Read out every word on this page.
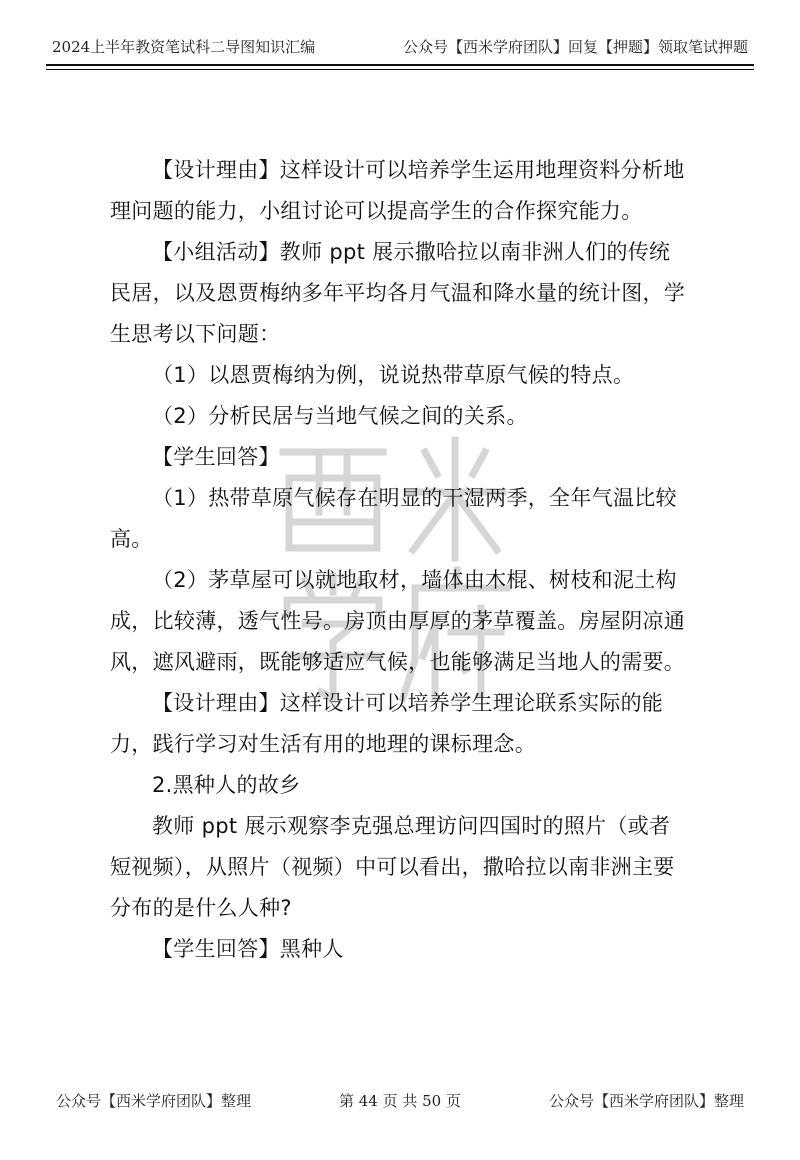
2024上半年教资笔试科二导图知识汇编	公众号【西米学府团队】回复【押题】领取笔试押题

【设计理由】这样设计可以培养学生运用地理资料分析地理问题的能力，小组讨论可以提高学生的合作探究能力。

【小组活动】教师 ppt 展示撒哈拉以南非洲人们的传统民居，以及恩贾梅纳多年平均各月气温和降水量的统计图，学生思考以下问题：

（1）以恩贾梅纳为例，说说热带草原气候的特点。

（2）分析民居与当地气候之间的关系。

【学生回答】

（1）热带草原气候存在明显的干湿两季，全年气温比较高。

（2）茅草屋可以就地取材，墙体由木棍、树枝和泥土构成，比较薄，透气性号。房顶由厚厚的茅草覆盖。房屋阴凉通风，遮风避雨，既能够适应气候，也能够满足当地人的需要。

【设计理由】这样设计可以培养学生理论联系实际的能力，践行学习对生活有用的地理的课标理念。

2.黑种人的故乡

教师 ppt 展示观察李克强总理访问四国时的照片（或者短视频），从照片（视频）中可以看出，撒哈拉以南非洲主要分布的是什么人种?

【学生回答】黑种人

公众号【西米学府团队】整理	第 44 页 共 50 页	公众号【西米学府团队】整理
